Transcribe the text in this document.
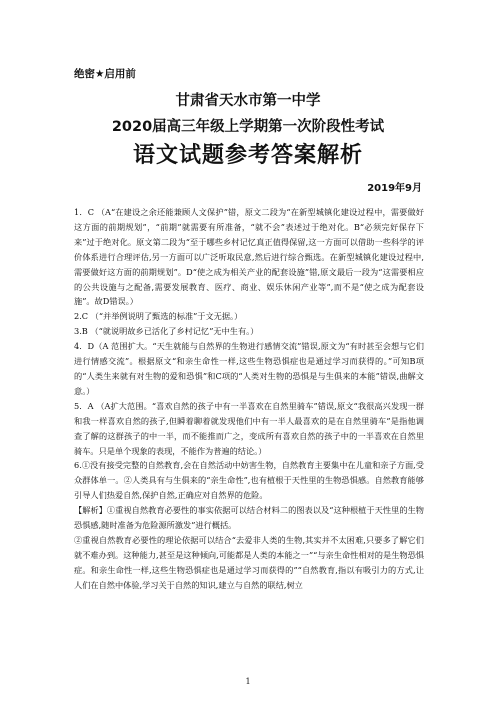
绝密★启用前
甘肃省天水市第一中学
2020届高三年级上学期第一次阶段性考试
语文试题参考答案解析
2019年9月

1．C （A“在建设之余还能兼顾人文保护”错，原文二段为“在新型城镇化建设过程中，需要做好这方面的前期规划”，“前期”就需要有所准备，“就不会”表述过于绝对化。B“必须完好保存下来”过于绝对化。原文第二段为“至于哪些乡村记忆真正值得保留,这一方面可以借助一些科学的评价体系进行合理评估,另一方面可以广泛听取民意,然后进行综合甄选。在新型城镇化建设过程中,需要做好这方面的前期规划”。D“使之成为相关产业的配套设施”错,原文最后一段为“这需要相应的公共设施与之配备,需要发展教育、医疗、商业、娱乐休闲产业等”,而不是“使之成为配套设施”。故D错误。）

2.C （“并举例说明了甄选的标准”于文无据。）

3.B （“就说明故乡已活化了乡村记忆”无中生有。）

4．D（A 范围扩大。“天生就能与自然界的生物进行感情交流”错误,原文为“有时甚至会想与它们进行情感交流”。根据原文“和亲生命性一样,这些生物恐惧症也是通过学习而获得的。”可知B项的“人类生来就有对生物的爱和恐惧”和C项的“人类对生物的恐惧是与生俱来的本能”错误,曲解文意。）

5．A （A扩大范围。“喜欢自然的孩子中有一半喜欢在自然里骑车”错误,原文“我很高兴发现一群和我一样喜欢自然的孩子,但瞬着聊着就发现他们中有一半人最喜欢的是在自然里骑车”是指他调查了解的这群孩子的中一半，而不能推而广之，变成所有喜欢自然的孩子中的一半喜欢在自然里骑车。只是单个现象的表现，不能作为普遍的结论。）

6.①没有接受完整的自然教育,会在自然活动中妨害生物，自然教育主要集中在儿童和亲子方面,受众群体单一。②人类具有与生俱来的“亲生命性”,也有植根于天性里的生物恐惧感。自然教育能够引导人们热爱自然,保护自然,正确应对自然界的危险。

【解析】①重视自然教育必要性的事实依据可以结合材料二的图表以及“这种根植于天性里的生物恐惧感,随时准备为危险源所激发”进行概括。

②重视自然教育必要性的理论依据可以结合“去爱非人类的生物,其实并不太困难,只要多了解它们就不难办到。这种能力,甚至是这种倾向,可能都是人类的本能之一”“与亲生命性相对的是生物恐惧症。和亲生命性一样,这些生物恐惧症也是通过学习而获得的”“自然教育,指以有吸引力的方式,让人们在自然中体验,学习关于自然的知识,建立与自然的联结,树立

1
